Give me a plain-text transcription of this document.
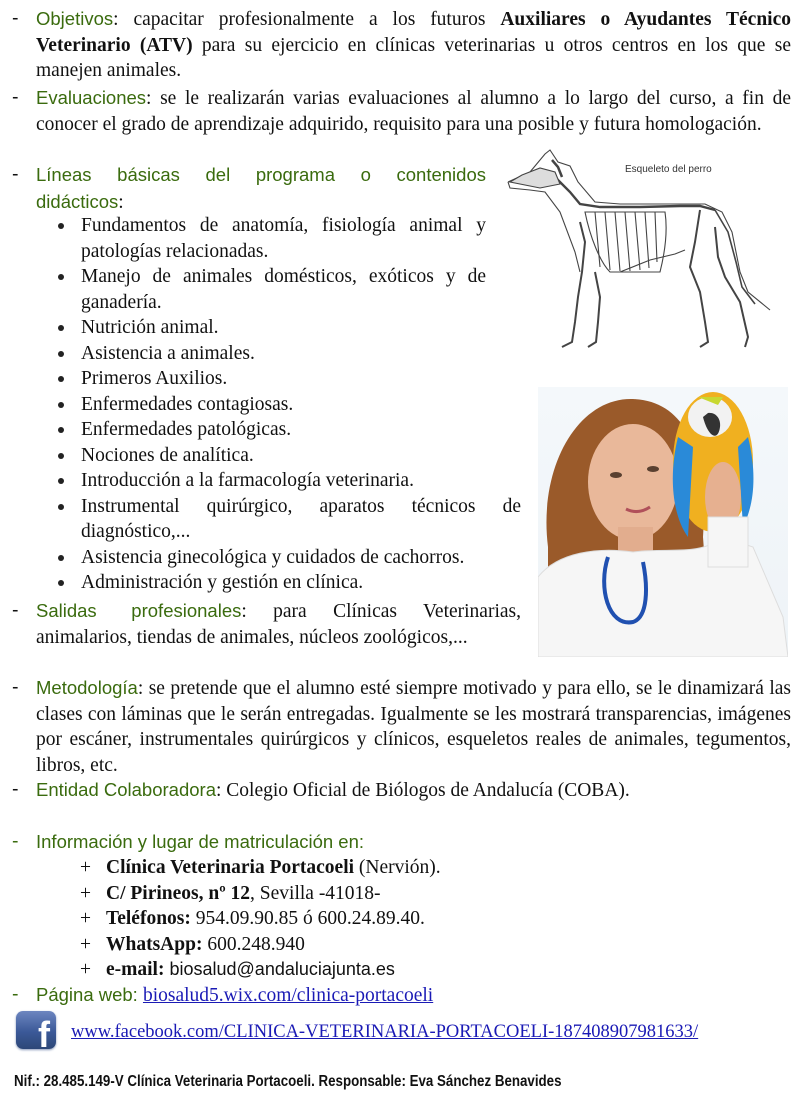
- Objetivos: capacitar profesionalmente a los futuros Auxiliares o Ayudantes Técnico Veterinario (ATV) para su ejercicio en clínicas veterinarias u otros centros en los que se manejen animales.
- Evaluaciones: se le realizarán varias evaluaciones al alumno a lo largo del curso, a fin de conocer el grado de aprendizaje adquirido, requisito para una posible y futura homologación.
- Líneas básicas del programa o contenidos didácticos:
Fundamentos de anatomía, fisiología animal y patologías relacionadas.
Manejo de animales domésticos, exóticos y de ganadería.
Nutrición animal.
Asistencia a animales.
Primeros Auxilios.
Enfermedades contagiosas.
Enfermedades patológicas.
Nociones de analítica.
Introducción a la farmacología veterinaria.
Instrumental quirúrgico, aparatos técnicos de diagnóstico,...
Asistencia ginecológica y cuidados de cachorros.
Administración y gestión en clínica.
- Salidas profesionales: para Clínicas Veterinarias, animalarios, tiendas de animales, núcleos zoológicos,...
- Metodología: se pretende que el alumno esté siempre motivado y para ello, se le dinamizará las clases con láminas que le serán entregadas. Igualmente se les mostrará transparencias, imágenes por escáner, instrumentales quirúrgicos y clínicos, esqueletos reales de animales, tegumentos, libros, etc.
- Entidad Colaboradora: Colegio Oficial de Biólogos de Andalucía (COBA).
- Información y lugar de matriculación en:
+ Clínica Veterinaria Portacoeli (Nervión).
+ C/ Pirineos, nº 12, Sevilla -41018-
+ Teléfonos: 954.09.90.85 ó 600.24.89.40.
+ WhatsApp: 600.248.940
+ e-mail: biosalud@andaluciajunta.es
- Página web: biosalud5.wix.com/clinica-portacoeli
f www.facebook.com/CLINICA-VETERINARIA-PORTACOELI-187408907981633/
Nif.: 28.485.149-V Clínica Veterinaria Portacoeli. Responsable: Eva Sánchez Benavides
Esqueleto del perro
